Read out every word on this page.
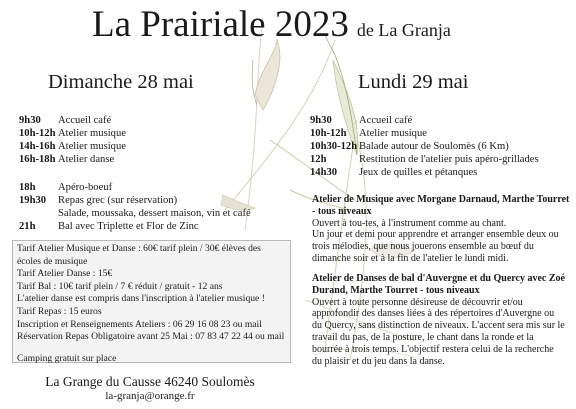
La Prairiale 2023 de La Granja
Dimanche 28 mai	Lundi 29 mai
9h30 Accueil café
10h-12h Atelier musique
14h-16h Atelier musique
16h-18h Atelier danse
18h Apéro-boeuf
19h30 Repas grec (sur réservation)
Salade, moussaka, dessert maison, vin et café
21h Bal avec Triplette et Flor de Zinc
9h30	Accueil café
10h-12h Atelier musique
10h30-12h Balade autour de Soulomès (6 Km)
12h	Restitution de l'atelier puis apéro-grillades
14h30 Jeux de quilles et pétanques
Atelier de Musique avec Morgane Darnaud, Marthe Tourret - tous niveaux
Ouvert à tou-tes, à l'instrument comme au chant.
Un jour et demi pour apprendre et arranger ensemble deux ou
trois mélodies, que nous jouerons ensemble au bœuf du
dimanche soir et à la fin de l'atelier le lundi midi.
Atelier de Danses de bal d'Auvergne et du Quercy avec Zoé Durand, Marthe Tourret - tous niveaux
Ouvert à toute personne désireuse de découvrir et/ou
approfondir des danses liées à des répertoires d'Auvergne ou
du Quercy, sans distinction de niveaux. L'accent sera mis sur le
travail du pas, de la posture, le chant dans la ronde et la
bourrée à trois temps. L'objectif restera celui de la recherche
du plaisir et du jeu dans la danse.
Tarif Atelier Musique et Danse : 60€ tarif plein / 30€ élèves des
écoles de musique
Tarif Atelier Danse : 15€
Tarif Bal : 10€ tarif plein / 7 € réduit / gratuit - 12 ans
L'atelier danse est compris dans l'inscription à l'atelier musique !
Tarif Repas : 15 euros
Inscription et Renseignements Ateliers : 06 29 16 08 23 ou mail
Réservation Repas Obligatoire avant 25 Mai : 07 83 47 22 44 ou mail
Camping gratuit sur place
La Grange du Causse 46240 Soulomès
la-granja@orange.fr
